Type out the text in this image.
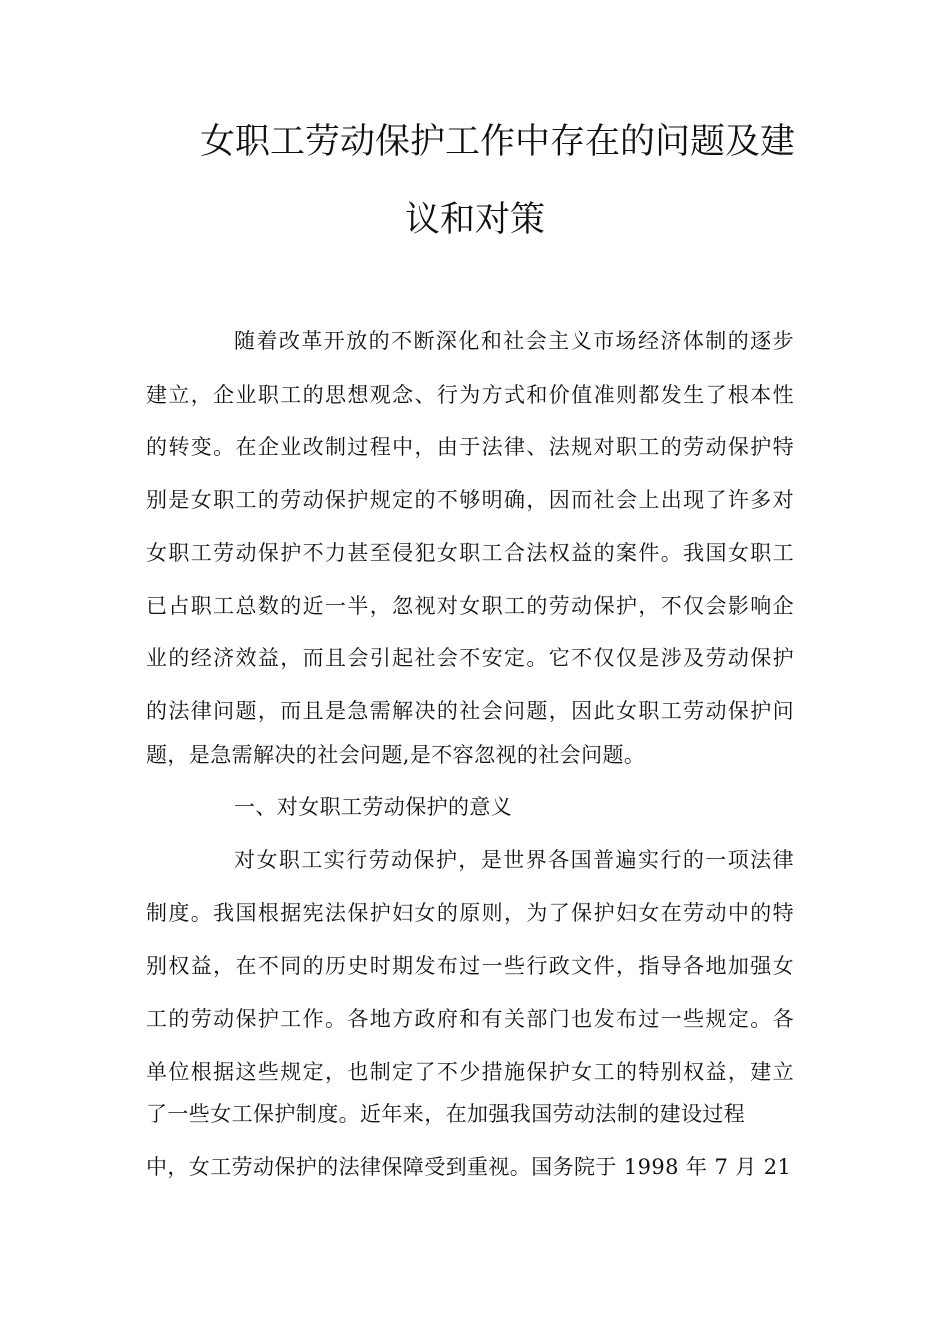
女职工劳动保护工作中存在的问题及建
议和对策
随着改革开放的不断深化和社会主义市场经济体制的逐步
建立，企业职工的思想观念、行为方式和价值准则都发生了根本性
的转变。在企业改制过程中，由于法律、法规对职工的劳动保护特
别是女职工的劳动保护规定的不够明确，因而社会上出现了许多对
女职工劳动保护不力甚至侵犯女职工合法权益的案件。我国女职工
已占职工总数的近一半，忽视对女职工的劳动保护，不仅会影响企
业的经济效益，而且会引起社会不安定。它不仅仅是涉及劳动保护
的法律问题，而且是急需解决的社会问题，因此女职工劳动保护问
题，是急需解决的社会问题,是不容忽视的社会问题。
一、对女职工劳动保护的意义
对女职工实行劳动保护，是世界各国普遍实行的一项法律
制度。我国根据宪法保护妇女的原则，为了保护妇女在劳动中的特
别权益，在不同的历史时期发布过一些行政文件，指导各地加强女
工的劳动保护工作。各地方政府和有关部门也发布过一些规定。各
单位根据这些规定，也制定了不少措施保护女工的特别权益，建立
了一些女工保护制度。近年来，在加强我国劳动法制的建设过程
中，女工劳动保护的法律保障受到重视。国务院于 1998 年 7 月 21
